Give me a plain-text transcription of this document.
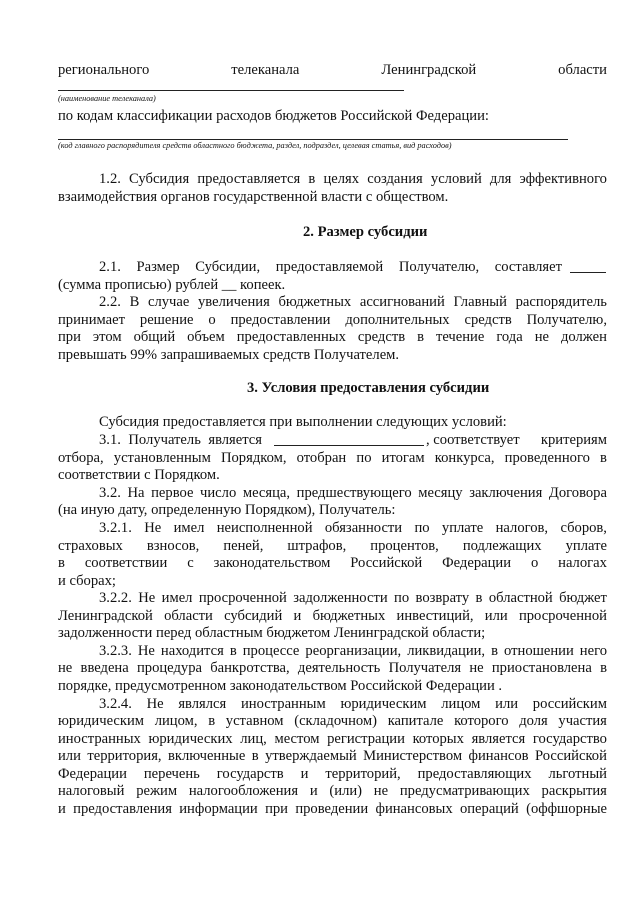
регионального	телеканала	Ленинградской	области
(наименование телеканала)
по кодам классификации расходов бюджетов Российской Федерации:
(код главного распорядителя средств областного бюджета, раздел, подраздел, целевая статья, вид расходов)
1.2. Субсидия предоставляется в целях создания условий для эффективного
взаимодействия органов государственной власти с обществом.
2. Размер субсидии
2.1. Размер Субсидии, предоставляемой Получателю, составляет
(сумма прописью) рублей __ копеек.
2.2. В случае увеличения бюджетных ассигнований Главный распорядитель
принимает решение о предоставлении дополнительных средств Получателю,
при этом общий объем предоставленных средств в течение года не должен
превышать 99% запрашиваемых средств Получателем.
3. Условия предоставления субсидии
Субсидия предоставляется при выполнении следующих условий:
3.1. Получатель является	, соответствует критериям
отбора, установленным Порядком, отобран по итогам конкурса, проведенного в
соответствии с Порядком.
3.2. На первое число месяца, предшествующего месяцу заключения Договора
(на иную дату, определенную Порядком), Получатель:
3.2.1. Не имел неисполненной обязанности по уплате налогов, сборов,
страховых взносов, пеней, штрафов, процентов, подлежащих уплате
в соответствии с законодательством Российской Федерации о налогах
и сборах;
3.2.2. Не имел просроченной задолженности по возврату в областной бюджет
Ленинградской области субсидий и бюджетных инвестиций, или просроченной
задолженности перед областным бюджетом Ленинградской области;
3.2.3. Не находится в процессе реорганизации, ликвидации, в отношении него
не введена процедура банкротства, деятельность Получателя не приостановлена в
порядке, предусмотренном законодательством Российской Федерации .
3.2.4. Не являлся иностранным юридическим лицом или российским
юридическим лицом, в уставном (складочном) капитале которого доля участия
иностранных юридических лиц, местом регистрации которых является государство
или территория, включенные в утверждаемый Министерством финансов Российской
Федерации перечень государств и территорий, предоставляющих льготный
налоговый режим налогообложения и (или) не предусматривающих раскрытия
и предоставления информации при проведении финансовых операций (оффшорные
